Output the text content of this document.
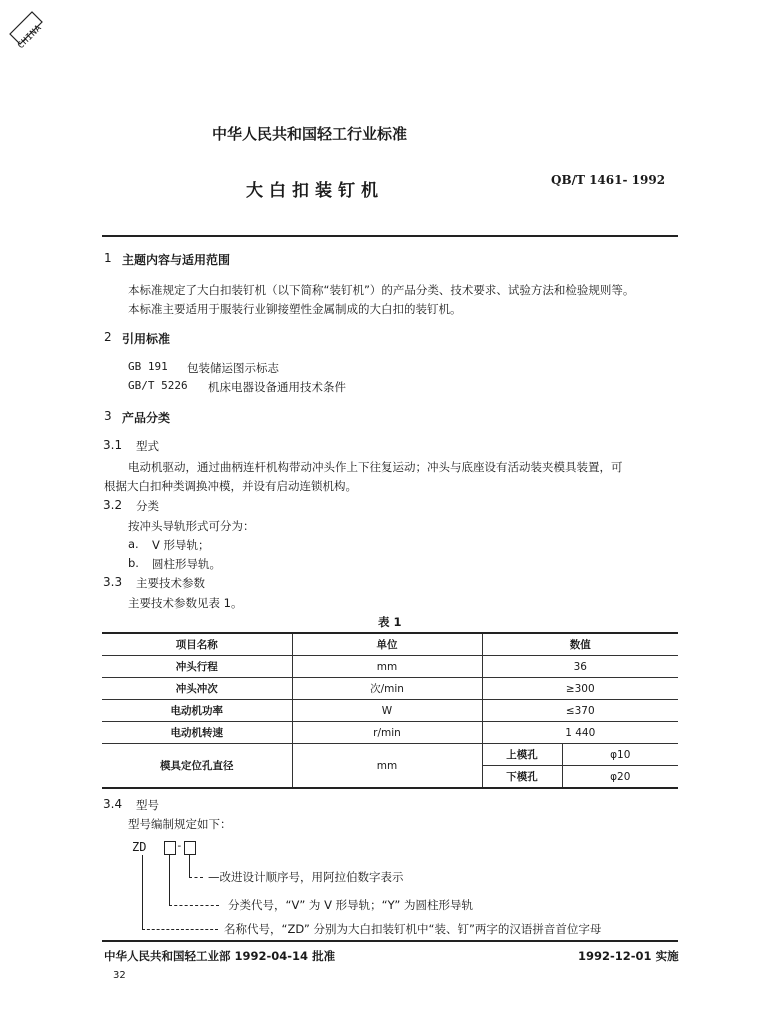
CHINA
中华人民共和国轻工行业标准
大白扣装钉机
QB/T 1461- 1992
1 主题内容与适用范围
本标准规定了大白扣装钉机（以下简称“装钉机”）的产品分类、技术要求、试验方法和检验规则等。
本标准主要适用于服装行业铆接塑性金属制成的大白扣的装钉机。
2 引用标准
GB 191 包装储运图示标志
GB/T 5226 机床电器设备通用技术条件
3 产品分类
3.1 型式
电动机驱动，通过曲柄连杆机构带动冲头作上下往复运动；冲头与底座设有活动装夹模具装置，可
根据大白扣种类调换冲模，并设有启动连锁机构。
3.2 分类
按冲头导轨形式可分为：
a. V 形导轨；
b. 圆柱形导轨。
3.3 主要技术参数
主要技术参数见表 1。
表 1
项目名称	单位	数值	
冲头行程	mm	36	
冲头冲次	次/min	≥300	
电动机功率	W	≤370	
电动机转速	r/min	1 440	
模具定位孔直径	mm	上模孔	φ10
		下模孔	φ20
3.4 型号
型号编制规定如下：
ZD	-
—改进设计顺序号，用阿拉伯数字表示
分类代号，“V” 为 V 形导轨；“Y” 为圆柱形导轨
名称代号，“ZD” 分别为大白扣装钉机中“装、钉”两字的汉语拼音首位字母
中华人民共和国轻工业部 1992-04-14 批准	1992-12-01 实施
32
